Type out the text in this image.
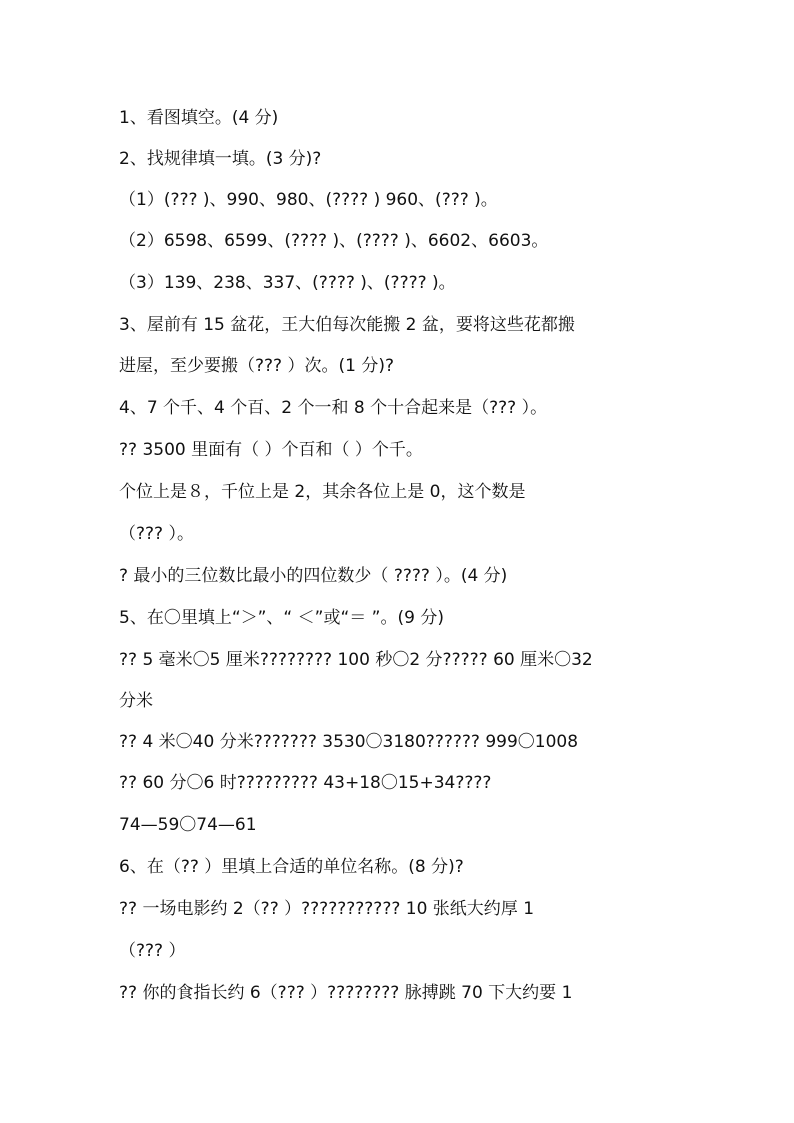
1、看图填空。(4 分)

2、找规律填一填。(3 分)?

（1）(??? )、990、980、(???? ) 960、(??? )。

（2）6598、6599、(???? )、(???? )、6602、6603。

（3）139、238、337、(???? )、(???? )。

3、屋前有 15 盆花，王大伯每次能搬 2 盆，要将这些花都搬

进屋，至少要搬（??? ）次。(1 分)?

4、7 个千、4 个百、2 个一和 8 个十合起来是（??? ）。

?? 3500 里面有（ ）个百和（ ）个千。

个位上是８，千位上是 2，其余各位上是 0，这个数是

（??? ）。

? 最小的三位数比最小的四位数少（ ???? ）。(4 分)

5、在〇里填上“＞”、“ ＜”或“＝ ”。(9 分)

?? 5 毫米〇5 厘米???????? 100 秒〇2 分????? 60 厘米〇32

分米

?? 4 米〇40 分米??????? 3530〇3180?????? 999〇1008

?? 60 分〇6 时????????? 43+18〇15+34????

74—59〇74—61

6、在（?? ）里填上合适的单位名称。(8 分)?

?? 一场电影约 2（?? ）??????????? 10 张纸大约厚 1

（??? ）

?? 你的食指长约 6（??? ）???????? 脉搏跳 70 下大约要 1
